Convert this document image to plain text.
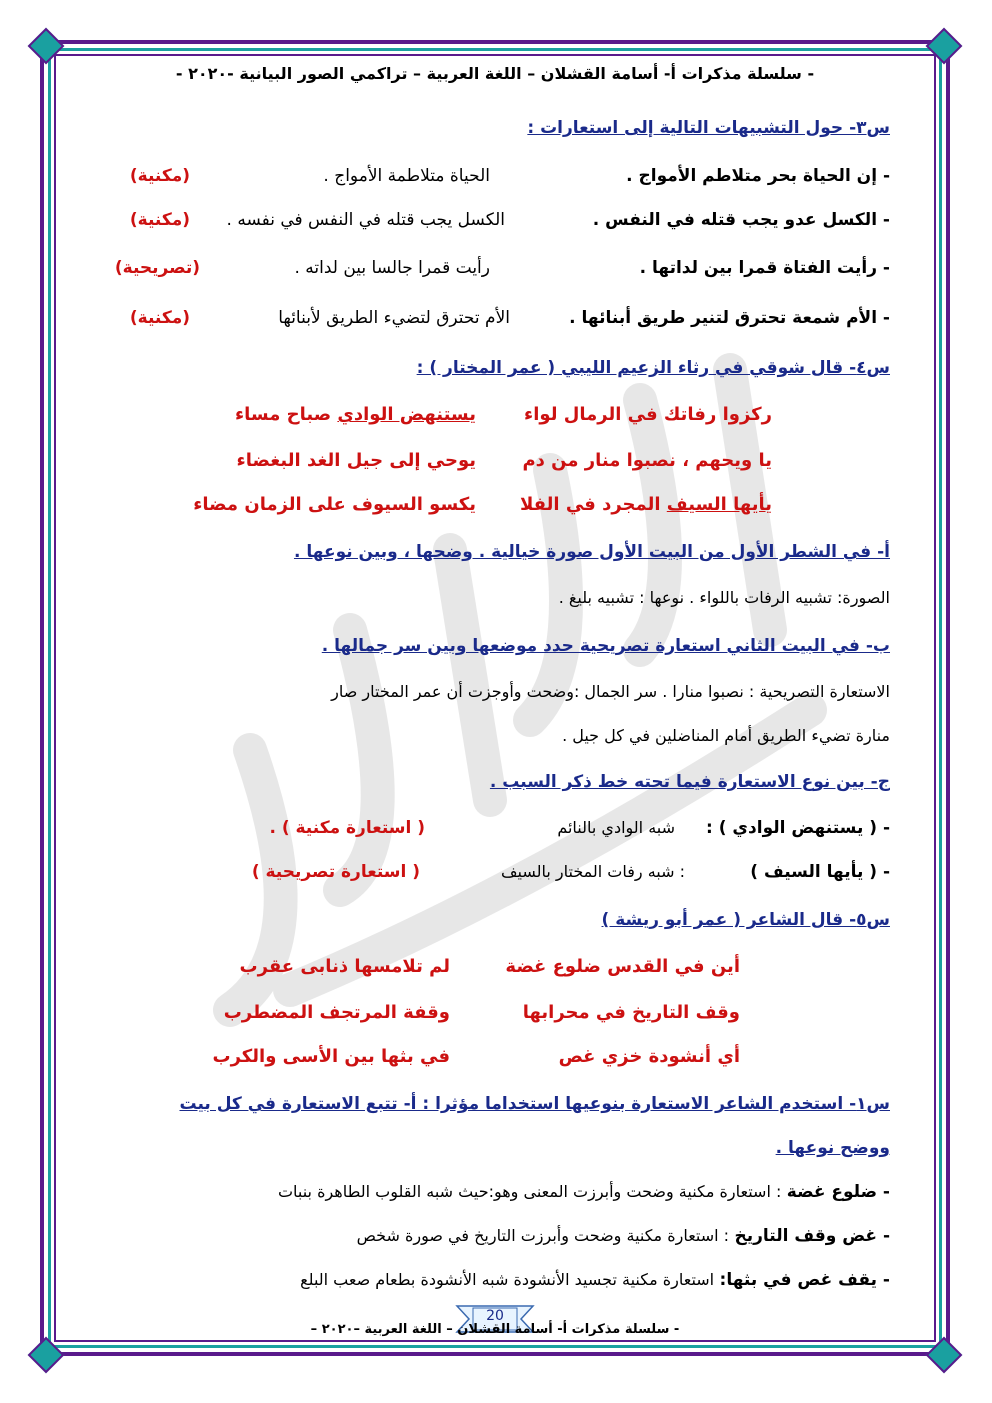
- سلسلة مذكرات أ- أسامة القشلان – اللغة العربية – تراكمي الصور البيانية -٢٠٢٠ -
س٣- حول التشبيهات التالية إلى استعارات :
- إن الحياة بحر متلاطم الأمواج .
الحياة متلاطمة الأمواج .
(مكنية)
- الكسل عدو يجب قتله في النفس .
الكسل يجب قتله في النفس في نفسه .
(مكنية)
- رأيت الفتاة قمرا بين لداتها .
رأيت قمرا جالسا بين لداته .
(تصريحية)
- الأم شمعة تحترق لتنير طريق أبنائها .
الأم تحترق لتضيء الطريق لأبنائها
(مكنية)
س٤- قال شوقي في رثاء الزعيم الليبي ( عمر المختار ) :
ركزوا رفاتك في الرمال لواء
يستنهض الوادي صباح مساء
يا ويحهم ، نصبوا منار من دم
يوحي إلى جيل الغد البغضاء
يأيها السيف المجرد في الفلا
يكسو السيوف على الزمان مضاء
أ- في الشطر الأول من البيت الأول صورة خيالية . وضحها ، وبين نوعها .
الصورة: تشبيه الرفات باللواء . نوعها : تشبيه بليغ .
ب- في البيت الثاني استعارة تصريحية حدد موضعها وبين سر جمالها .
الاستعارة التصريحية : نصبوا منارا . سر الجمال :وضحت وأوجزت أن عمر المختار صار
منارة تضيء الطريق أمام المناضلين في كل جيل .
ج- بين نوع الاستعارة فيما تحته خط ذكر السبب .
- ( يستنهض الوادي ) :
شبه الوادي بالنائم
( استعارة مكنية ) .
- ( يأيها السيف )
: شبه رفات المختار بالسيف
( استعارة تصريحية )
س٥- قال الشاعر ( عمر أبو ريشة )
أين في القدس ضلوع غضة
لم تلامسها ذنابى عقرب
وقف التاريخ في محرابها
وقفة المرتجف المضطرب
أي أنشودة خزي غص
في بثها بين الأسى والكرب
س١- استخدم الشاعر الاستعارة بنوعيها استخداما مؤثرا : أ- تتبع الاستعارة في كل بيت
ووضح نوعها .
- ضلوع غضة : استعارة مكنية وضحت وأبرزت المعنى وهو:حيث شبه القلوب الطاهرة بنبات
- غض وقف التاريخ : استعارة مكنية وضحت وأبرزت التاريخ في صورة شخص
- يقف غص في بثها: استعارة مكنية تجسيد الأنشودة شبه الأنشودة بطعام صعب البلع
20
- سلسلة مذكرات أ- أسامة القشلان – اللغة العربية –٢٠٢٠ –
